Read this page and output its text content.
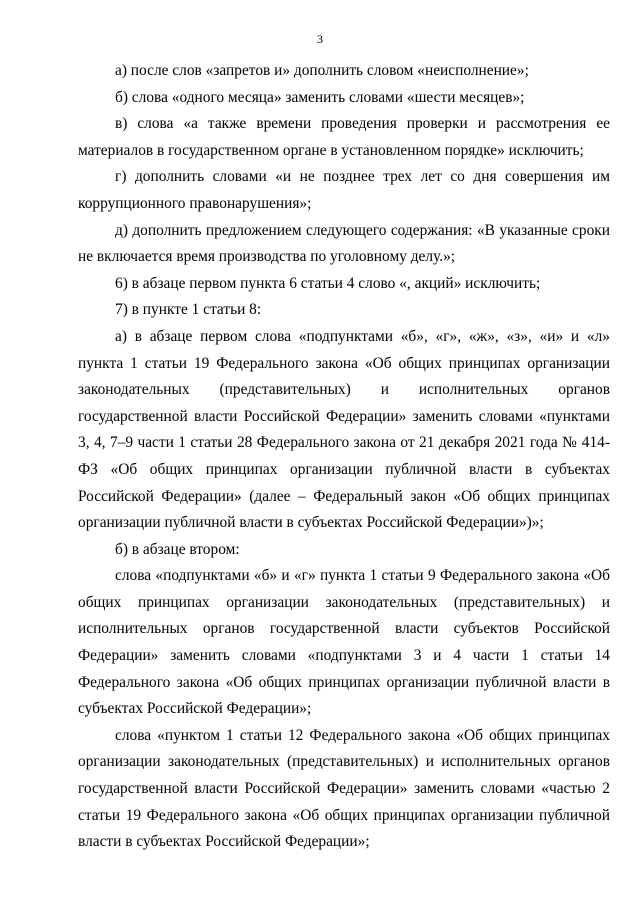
3

а) после слов «запретов и» дополнить словом «неисполнение»;

б) слова «одного месяца» заменить словами «шести месяцев»;

в) слова «а также времени проведения проверки и рассмотрения ее материалов в государственном органе в установленном порядке» исключить;

г) дополнить словами «и не позднее трех лет со дня совершения им коррупционного правонарушения»;

д) дополнить предложением следующего содержания: «В указанные сроки не включается время производства по уголовному делу.»;

6) в абзаце первом пункта 6 статьи 4 слово «, акций» исключить;

7) в пункте 1 статьи 8:

а) в абзаце первом слова «подпунктами «б», «г», «ж», «з», «и» и «л» пункта 1 статьи 19 Федерального закона «Об общих принципах организации законодательных (представительных) и исполнительных органов государственной власти Российской Федерации» заменить словами «пунктами 3, 4, 7–9 части 1 статьи 28 Федерального закона от 21 декабря 2021 года № 414-ФЗ «Об общих принципах организации публичной власти в субъектах Российской Федерации» (далее – Федеральный закон «Об общих принципах организации публичной власти в субъектах Российской Федерации»)»;

б) в абзаце втором:

слова «подпунктами «б» и «г» пункта 1 статьи 9 Федерального закона «Об общих принципах организации законодательных (представительных) и исполнительных органов государственной власти субъектов Российской Федерации» заменить словами «подпунктами 3 и 4 части 1 статьи 14 Федерального закона «Об общих принципах организации публичной власти в субъектах Российской Федерации»;

слова «пунктом 1 статьи 12 Федерального закона «Об общих принципах организации законодательных (представительных) и исполнительных органов государственной власти Российской Федерации» заменить словами «частью 2 статьи 19 Федерального закона «Об общих принципах организации публичной власти в субъектах Российской Федерации»;
